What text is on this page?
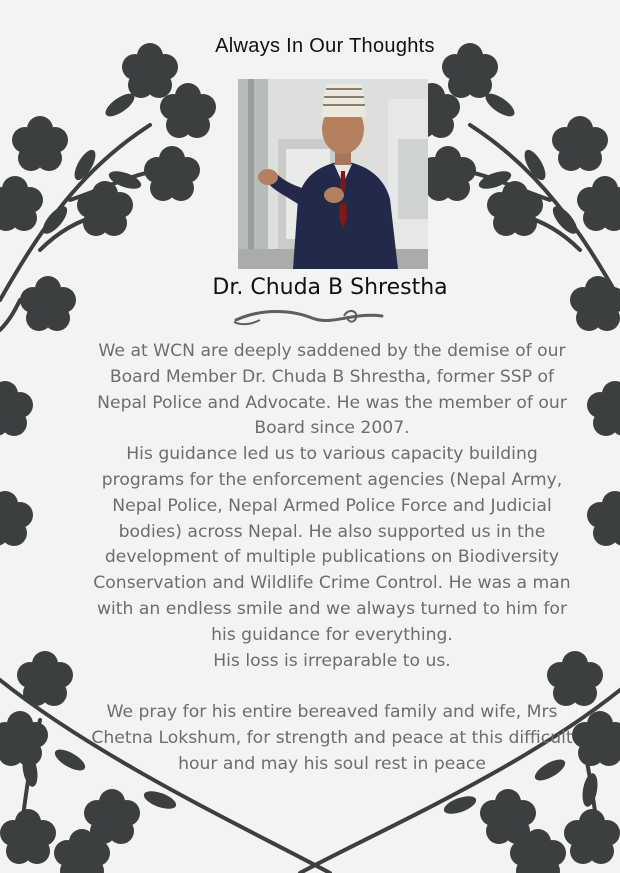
Always In Our Thoughts
Dr. Chuda B Shrestha

We at WCN are deeply saddened by the demise of our Board Member Dr. Chuda B Shrestha, former SSP of Nepal Police and Advocate. He was the member of our Board since 2007.

His guidance led us to various capacity building programs for the enforcement agencies (Nepal Army, Nepal Police, Nepal Armed Police Force and Judicial bodies) across Nepal. He also supported us in the development of multiple publications on Biodiversity Conservation and Wildlife Crime Control. He was a man with an endless smile and we always turned to him for his guidance for everything.

His loss is irreparable to us.

We pray for his entire bereaved family and wife, Mrs Chetna Lokshum, for strength and peace at this difficult hour and may his soul rest in peace
